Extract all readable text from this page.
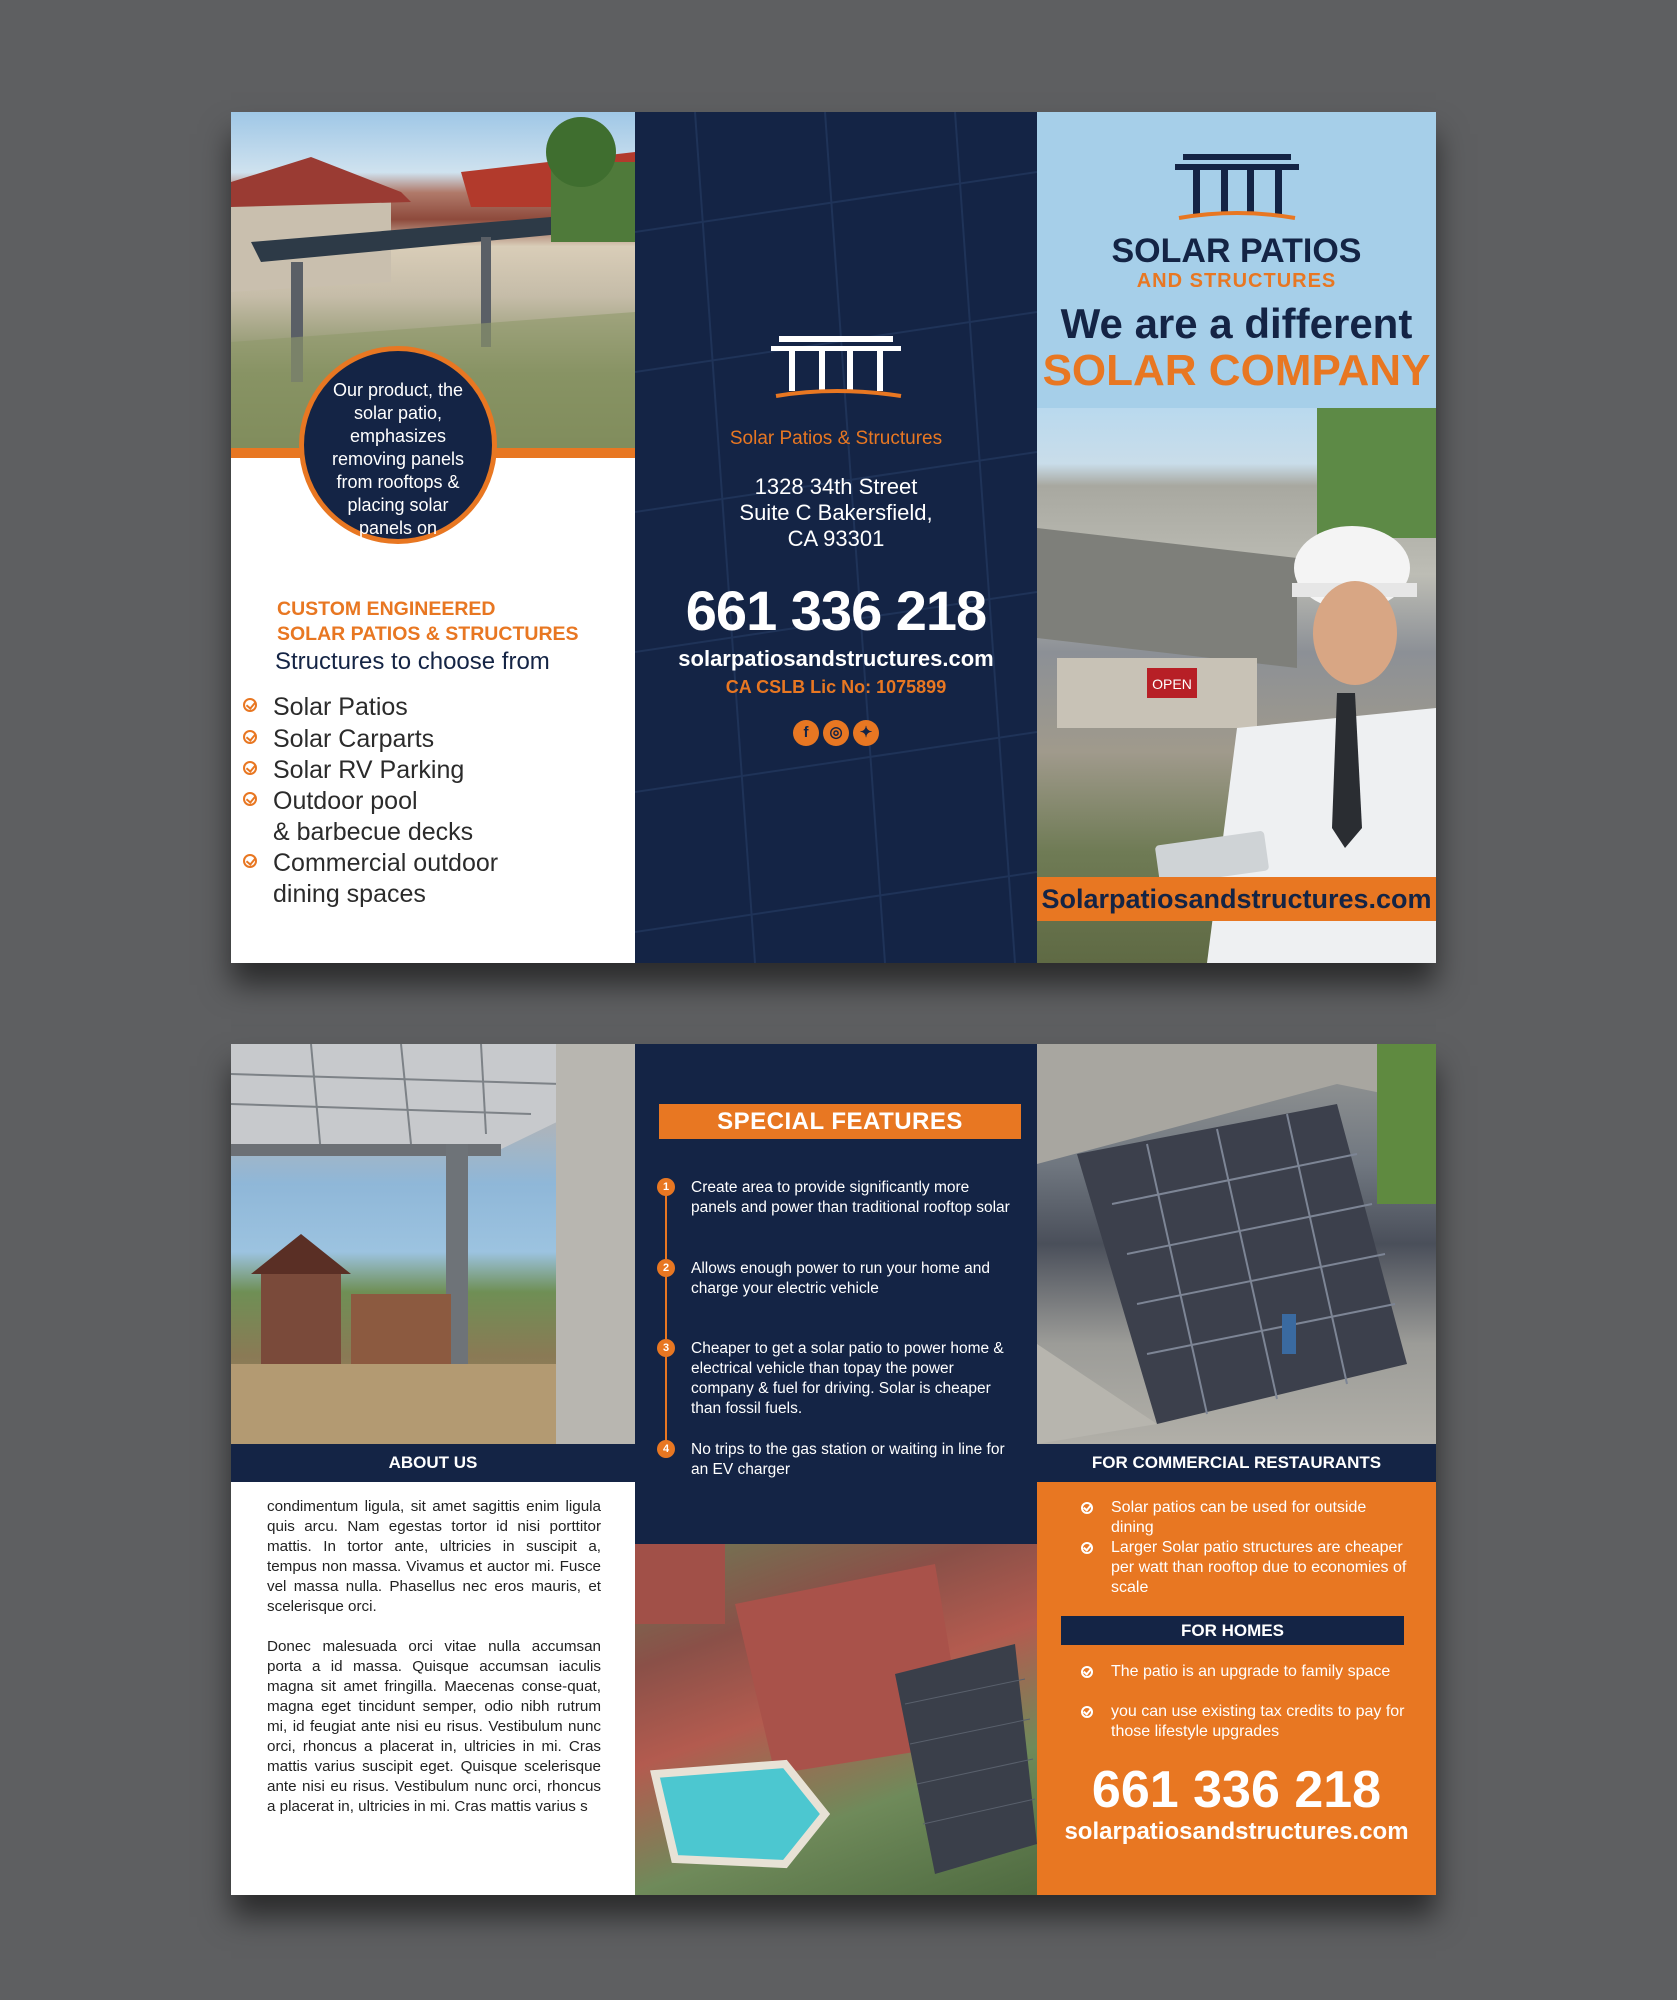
Our product, the solar patio, emphasizes removing panels from rooftops & placing solar panels on structures.
CUSTOM ENGINEERED
SOLAR PATIOS & STRUCTURES
Structures to choose from
Solar Patios
Solar Carparts
Solar RV Parking
Outdoor pool
& barbecue decks
Commercial outdoor
dining spaces
Solar Patios & Structures
1328 34th Street
Suite C Bakersfield,
CA 93301
661 336 218
solarpatiosandstructures.com
CA CSLB Lic No: 1075899
f ◎ ✦
SOLAR PATIOS
AND STRUCTURES
We are a different
SOLAR COMPANY
OPEN
Solarpatiosandstructures.com
ABOUT US
condimentum ligula, sit amet sagittis enim ligula quis arcu. Nam egestas tortor id nisi porttitor mattis. In tortor ante, ultricies in suscipit a, tempus non massa. Vivamus et auctor mi. Fusce vel massa nulla. Phasellus nec eros mauris, et scelerisque orci.
Donec malesuada orci vitae nulla accumsan porta a id massa. Quisque accumsan iaculis magna sit amet fringilla. Maecenas conse-quat, magna eget tincidunt semper, odio nibh rutrum mi, id feugiat ante nisi eu risus. Vestibulum nunc orci, rhoncus a placerat in, ultricies in mi. Cras mattis varius suscipit eget. Quisque scelerisque ante nisi eu risus. Vestibulum nunc orci, rhoncus a placerat in, ultricies in mi. Cras mattis varius s
SPECIAL FEATURES
1	Create area to provide significantly more panels and power than traditional rooftop solar
2	Allows enough power to run your home and charge your electric vehicle
3	Cheaper to get a solar patio to power home & electrical vehicle than topay the power company & fuel for driving. Solar is cheaper than fossil fuels.
4	No trips to the gas station or waiting in line for an EV charger	FOR COMMERCIAL RESTAURANTS
Solar patios can be used for outside dining
Larger Solar patio structures are cheaper per watt than rooftop due to economies of scale
FOR HOMES
The patio is an upgrade to family space
you can use existing tax credits to pay for those lifestyle upgrades
661 336 218
solarpatiosandstructures.com
